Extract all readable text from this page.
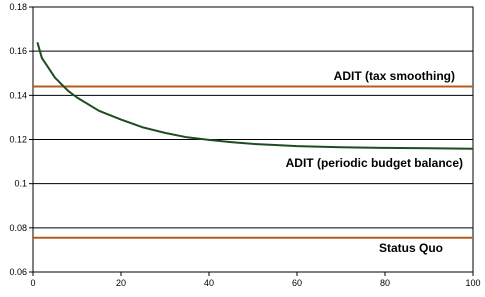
0.06
0.08
0.1
0.12
0.14
0.16
0.18
0	20	40	60	80	100
ADIT (tax smoothing)
ADIT (periodic budget balance)
Status Quo
